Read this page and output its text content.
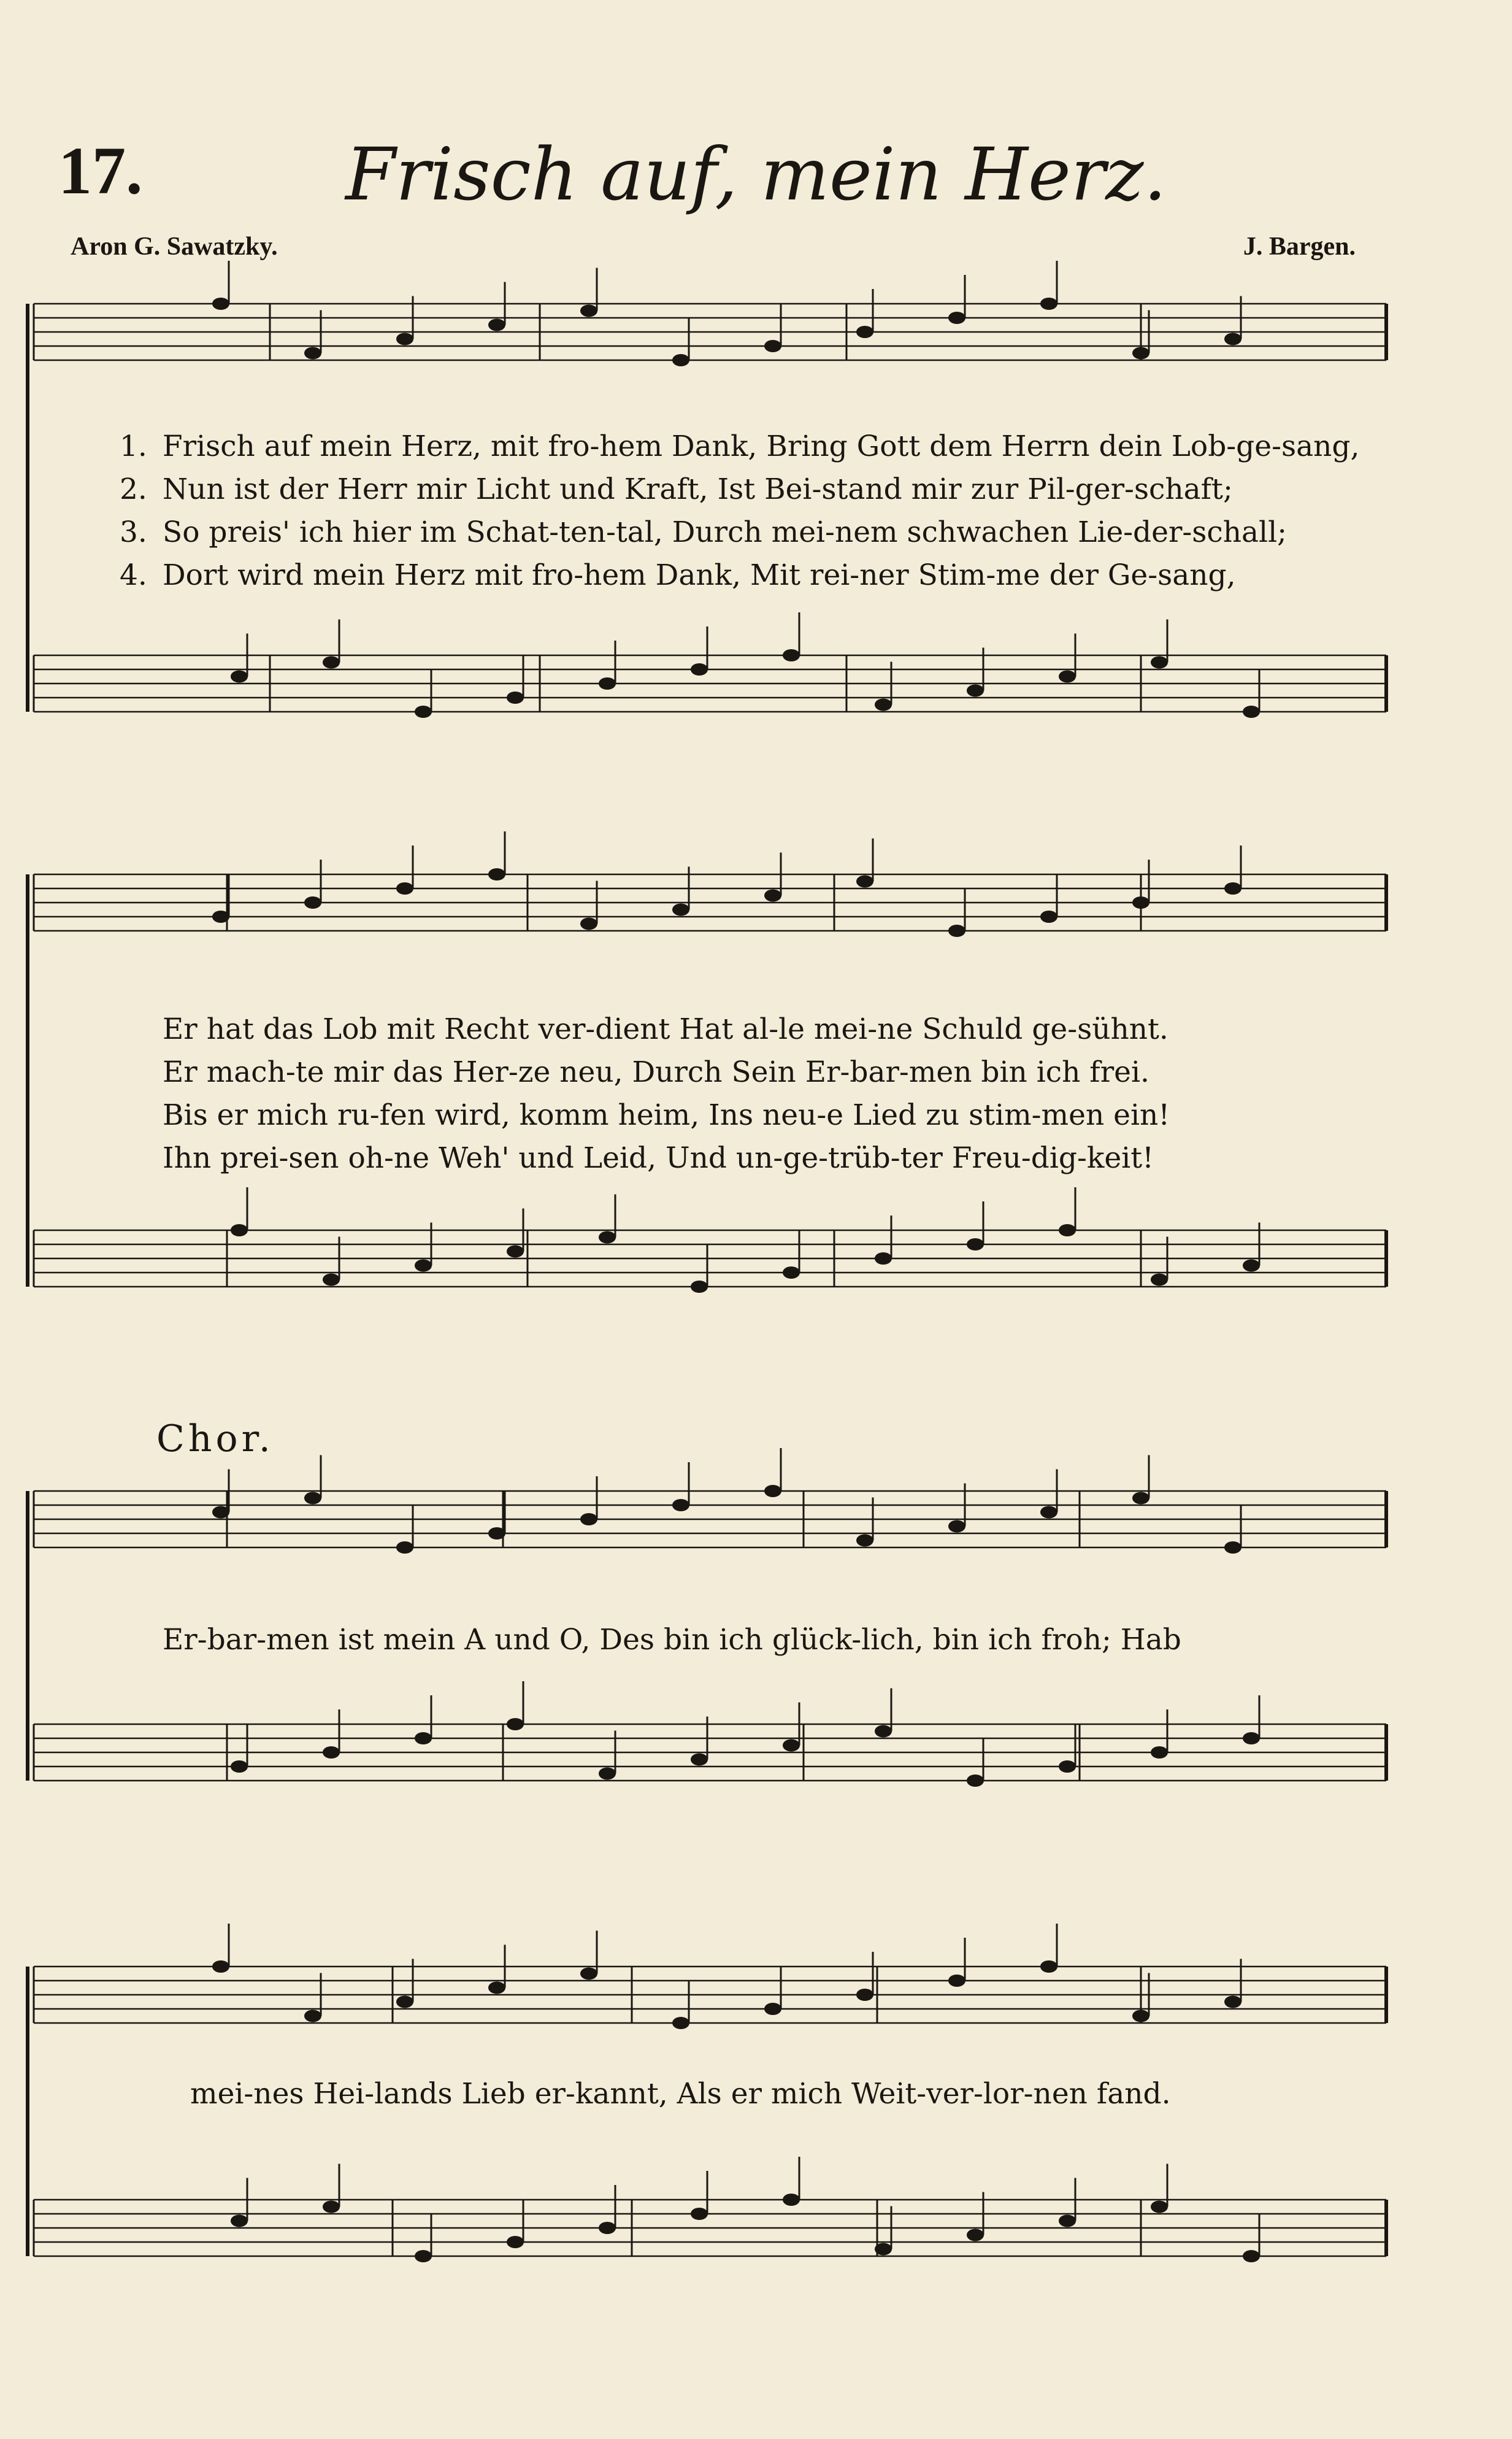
17.	Frisch auf, mein Herz.
Aron G. Sawatzky.	J. Bargen.
1. Frisch auf mein Herz, mit fro-hem Dank, Bring Gott dem Herrn dein Lob-ge-sang,
2. Nun ist der Herr mir Licht und Kraft, Ist Bei-stand mir zur Pil-ger-schaft;
3. So preis' ich hier im Schat-ten-tal, Durch mei-nem schwachen Lie-der-schall;
4. Dort wird mein Herz mit fro-hem Dank, Mit rei-ner Stim-me der Ge-sang,
Er hat das Lob mit Recht ver-dient Hat al-le mei-ne Schuld ge-sühnt.
Er mach-te mir das Her-ze neu, Durch Sein Er-bar-men bin ich frei.
Bis er mich ru-fen wird, komm heim, Ins neu-e Lied zu stim-men ein!
Ihn prei-sen oh-ne Weh' und Leid, Und un-ge-trüb-ter Freu-dig-keit!
Chor.
Er-bar-men ist mein A und O, Des bin ich glück-lich, bin ich froh; Hab
mei-nes Hei-lands Lieb er-kannt, Als er mich Weit-ver-lor-nen fand.
